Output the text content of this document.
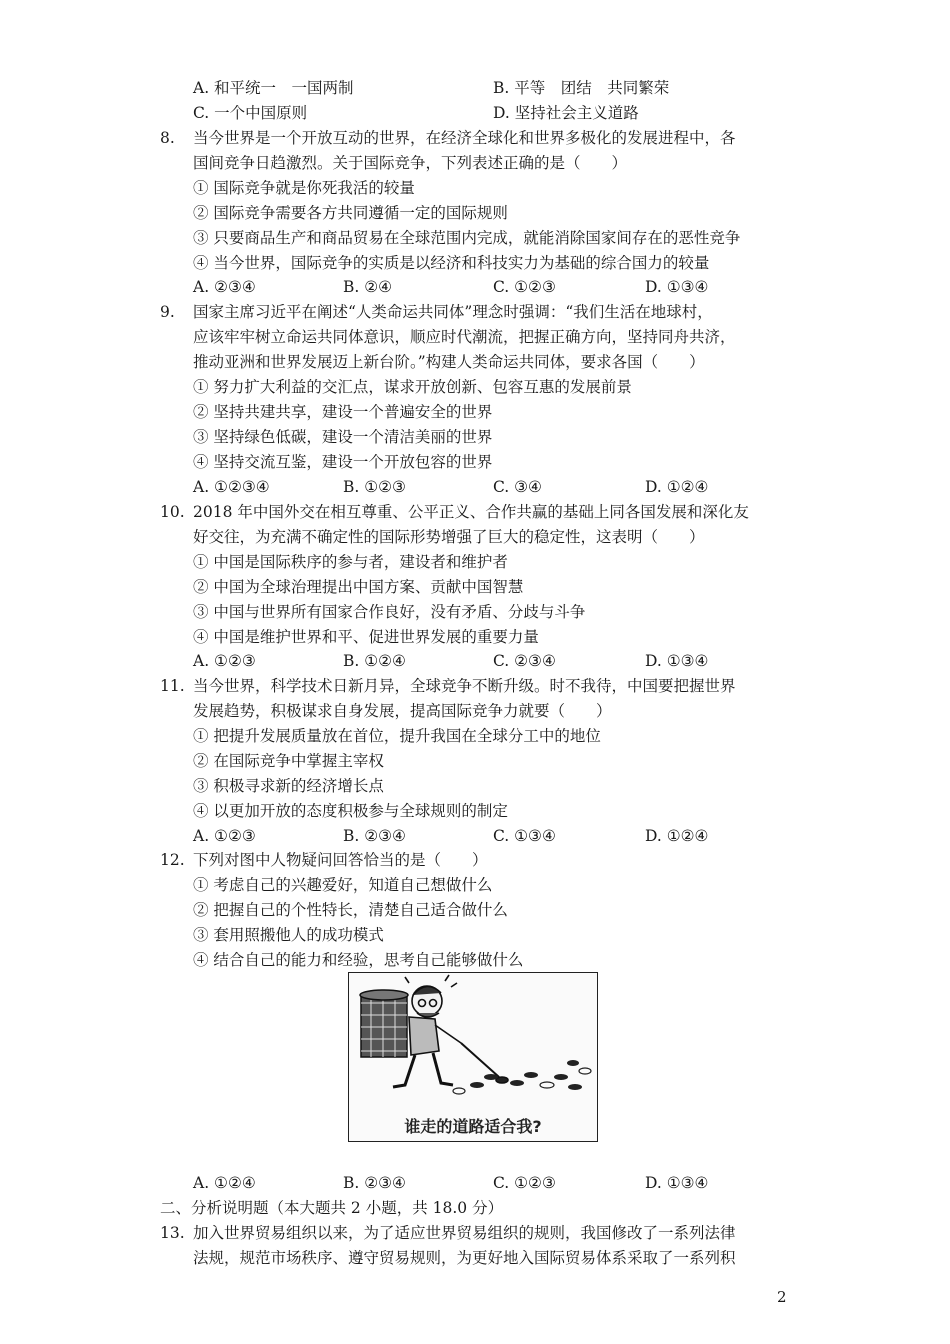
A. 和平统一　一国两制	B. 平等　团结　共同繁荣
C. 一个中国原则	D. 坚持社会主义道路
8. 当今世界是一个开放互动的世界，在经济全球化和世界多极化的发展进程中，各
国间竞争日趋激烈。关于国际竞争，下列表述正确的是（　　）
① 国际竞争就是你死我活的较量
② 国际竞争需要各方共同遵循一定的国际规则
③ 只要商品生产和商品贸易在全球范围内完成，就能消除国家间存在的恶性竞争
④ 当今世界，国际竞争的实质是以经济和科技实力为基础的综合国力的较量
A. ②③④	B. ②④	C. ①②③	D. ①③④
9. 国家主席习近平在阐述“人类命运共同体”理念时强调：“我们生活在地球村，
应该牢牢树立命运共同体意识，顺应时代潮流，把握正确方向，坚持同舟共济，
推动亚洲和世界发展迈上新台阶。”构建人类命运共同体，要求各国（　　）
① 努力扩大利益的交汇点，谋求开放创新、包容互惠的发展前景
② 坚持共建共享，建设一个普遍安全的世界
③ 坚持绿色低碳，建设一个清洁美丽的世界
④ 坚持交流互鉴，建设一个开放包容的世界
A. ①②③④	B. ①②③	C. ③④	D. ①②④
10. 2018 年中国外交在相互尊重、公平正义、合作共赢的基础上同各国发展和深化友
好交往，为充满不确定性的国际形势增强了巨大的稳定性，这表明（　　）
① 中国是国际秩序的参与者，建设者和维护者
② 中国为全球治理提出中国方案、贡献中国智慧
③ 中国与世界所有国家合作良好，没有矛盾、分歧与斗争
④ 中国是维护世界和平、促进世界发展的重要力量
A. ①②③	B. ①②④	C. ②③④	D. ①③④
11. 当今世界，科学技术日新月异，全球竞争不断升级。时不我待，中国要把握世界
发展趋势，积极谋求自身发展，提高国际竞争力就要（　　）
① 把提升发展质量放在首位，提升我国在全球分工中的地位
② 在国际竞争中掌握主宰权
③ 积极寻求新的经济增长点
④ 以更加开放的态度积极参与全球规则的制定
A. ①②③	B. ②③④	C. ①③④	D. ①②④
12. 下列对图中人物疑问回答恰当的是（　　）
① 考虑自己的兴趣爱好，知道自己想做什么
② 把握自己的个性特长，清楚自己适合做什么
③ 套用照搬他人的成功模式
④ 结合自己的能力和经验，思考自己能够做什么
谁走的道路适合我?
A. ①②④	B. ②③④	C. ①②③	D. ①③④
二、分析说明题（本大题共 2 小题，共 18.0 分）
13. 加入世界贸易组织以来，为了适应世界贸易组织的规则，我国修改了一系列法律
法规，规范市场秩序、遵守贸易规则，为更好地入国际贸易体系采取了一系列积
2
